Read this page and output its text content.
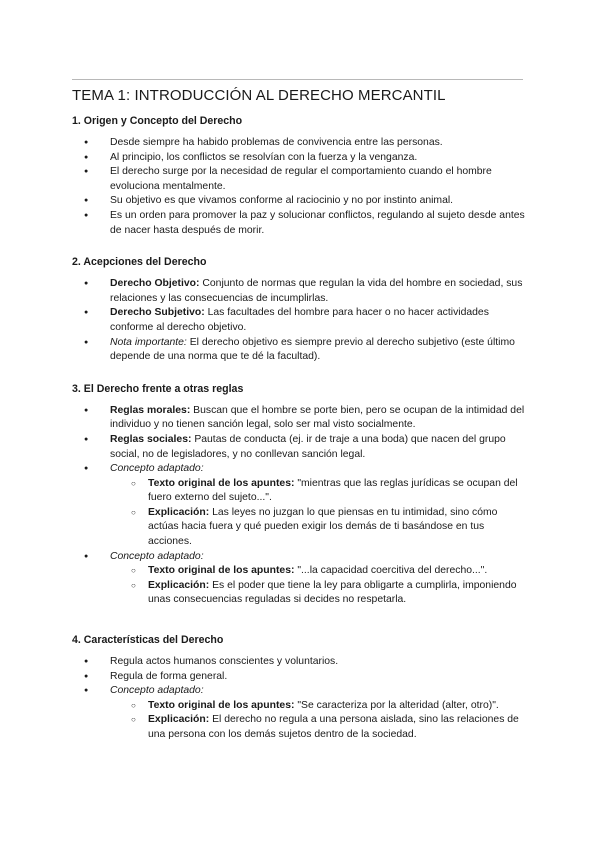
TEMA 1: INTRODUCCIÓN AL DERECHO MERCANTIL
1. Origen y Concepto del Derecho
● Desde siempre ha habido problemas de convivencia entre las personas.
● Al principio, los conflictos se resolvían con la fuerza y la venganza.
● El derecho surge por la necesidad de regular el comportamiento cuando el hombre evoluciona mentalmente.
● Su objetivo es que vivamos conforme al raciocinio y no por instinto animal.
● Es un orden para promover la paz y solucionar conflictos, regulando al sujeto desde antes de nacer hasta después de morir.
2. Acepciones del Derecho
● Derecho Objetivo: Conjunto de normas que regulan la vida del hombre en sociedad, sus relaciones y las consecuencias de incumplirlas.
● Derecho Subjetivo: Las facultades del hombre para hacer o no hacer actividades conforme al derecho objetivo.
● Nota importante: El derecho objetivo es siempre previo al derecho subjetivo (este último depende de una norma que te dé la facultad).
3. El Derecho frente a otras reglas
● Reglas morales: Buscan que el hombre se porte bien, pero se ocupan de la intimidad del individuo y no tienen sanción legal, solo ser mal visto socialmente.
● Reglas sociales: Pautas de conducta (ej. ir de traje a una boda) que nacen del grupo social, no de legisladores, y no conllevan sanción legal.
● Concepto adaptado:
○ Texto original de los apuntes: "mientras que las reglas jurídicas se ocupan del fuero externo del sujeto...".
○ Explicación: Las leyes no juzgan lo que piensas en tu intimidad, sino cómo actúas hacia fuera y qué pueden exigir los demás de ti basándose en tus acciones.
● Concepto adaptado:
○ Texto original de los apuntes: "...la capacidad coercitiva del derecho...".
○ Explicación: Es el poder que tiene la ley para obligarte a cumplirla, imponiendo unas consecuencias reguladas si decides no respetarla.
4. Características del Derecho
● Regula actos humanos conscientes y voluntarios.
● Regula de forma general.
● Concepto adaptado:
○ Texto original de los apuntes: "Se caracteriza por la alteridad (alter, otro)".
○ Explicación: El derecho no regula a una persona aislada, sino las relaciones de una persona con los demás sujetos dentro de la sociedad.
